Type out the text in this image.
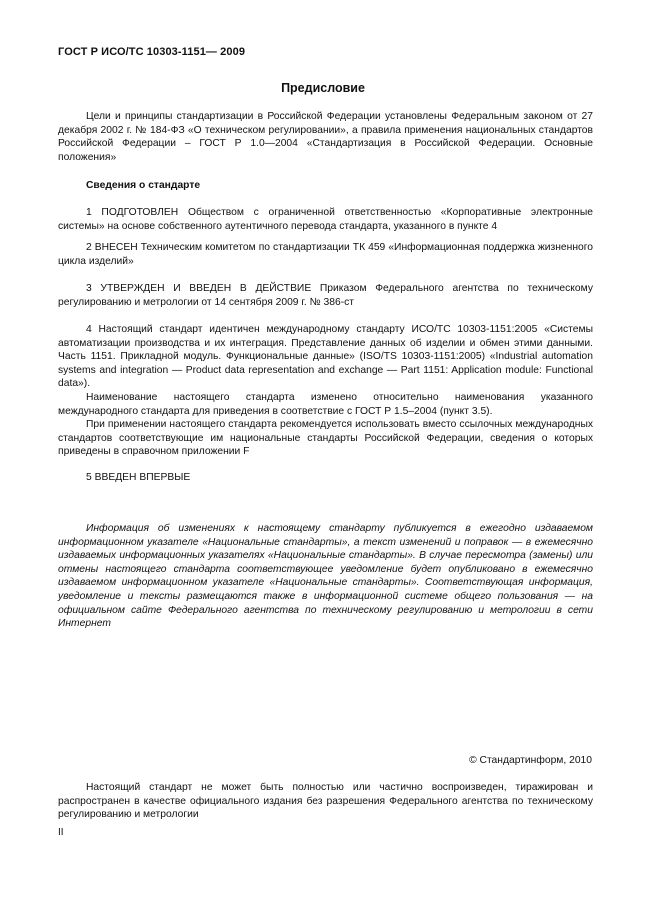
ГОСТ Р ИСО/ТС 10303-1151— 2009
Предисловие

Цели и принципы стандартизации в Российской Федерации установлены Федеральным законом от 27 декабря 2002 г. № 184-ФЗ «О техническом регулировании», а правила применения национальных стандартов Российской Федерации – ГОСТ Р 1.0—2004 «Стандартизация в Российской Федерации. Основные положения»

Сведения о стандарте

1 ПОДГОТОВЛЕН Обществом с ограниченной ответственностью «Корпоративные электронные системы» на основе собственного аутентичного перевода стандарта, указанного в пункте 4

2 ВНЕСЕН Техническим комитетом по стандартизации ТК 459 «Информационная поддержка жизненного цикла изделий»

3 УТВЕРЖДЕН И ВВЕДЕН В ДЕЙСТВИЕ Приказом Федерального агентства по техническому регулированию и метрологии от 14 сентября 2009 г. № 386-ст

4 Настоящий стандарт идентичен международному стандарту ИСО/ТС 10303-1151:2005 «Системы автоматизации производства и их интеграция. Представление данных об изделии и обмен этими данными. Часть 1151. Прикладной модуль. Функциональные данные» (ISO/TS 10303-1151:2005) «Industrial automation systems and integration — Product data representation and exchange — Part 1151: Application module: Functional data»).

Наименование настоящего стандарта изменено относительно наименования указанного международного стандарта для приведения в соответствие с ГОСТ Р 1.5–2004 (пункт 3.5).

При применении настоящего стандарта рекомендуется использовать вместо ссылочных международных стандартов соответствующие им национальные стандарты Российской Федерации, сведения о которых приведены в справочном приложении F

5 ВВЕДЕН ВПЕРВЫЕ

Информация об изменениях к настоящему стандарту публикуется в ежегодно издаваемом информационном указателе «Национальные стандарты», а текст изменений и поправок — в ежемесячно издаваемых информационных указателях «Национальные стандарты». В случае пересмотра (замены) или отмены настоящего стандарта соответствующее уведомление будет опубликовано в ежемесячно издаваемом информационном указателе «Национальные стандарты». Соответствующая информация, уведомление и тексты размещаются также в информационной системе общего пользования — на официальном сайте Федерального агентства по техническому регулированию и метрологии в сети Интернет

© Стандартинформ, 2010

Настоящий стандарт не может быть полностью или частично воспроизведен, тиражирован и распространен в качестве официального издания без разрешения Федерального агентства по техническому регулированию и метрологии

II
